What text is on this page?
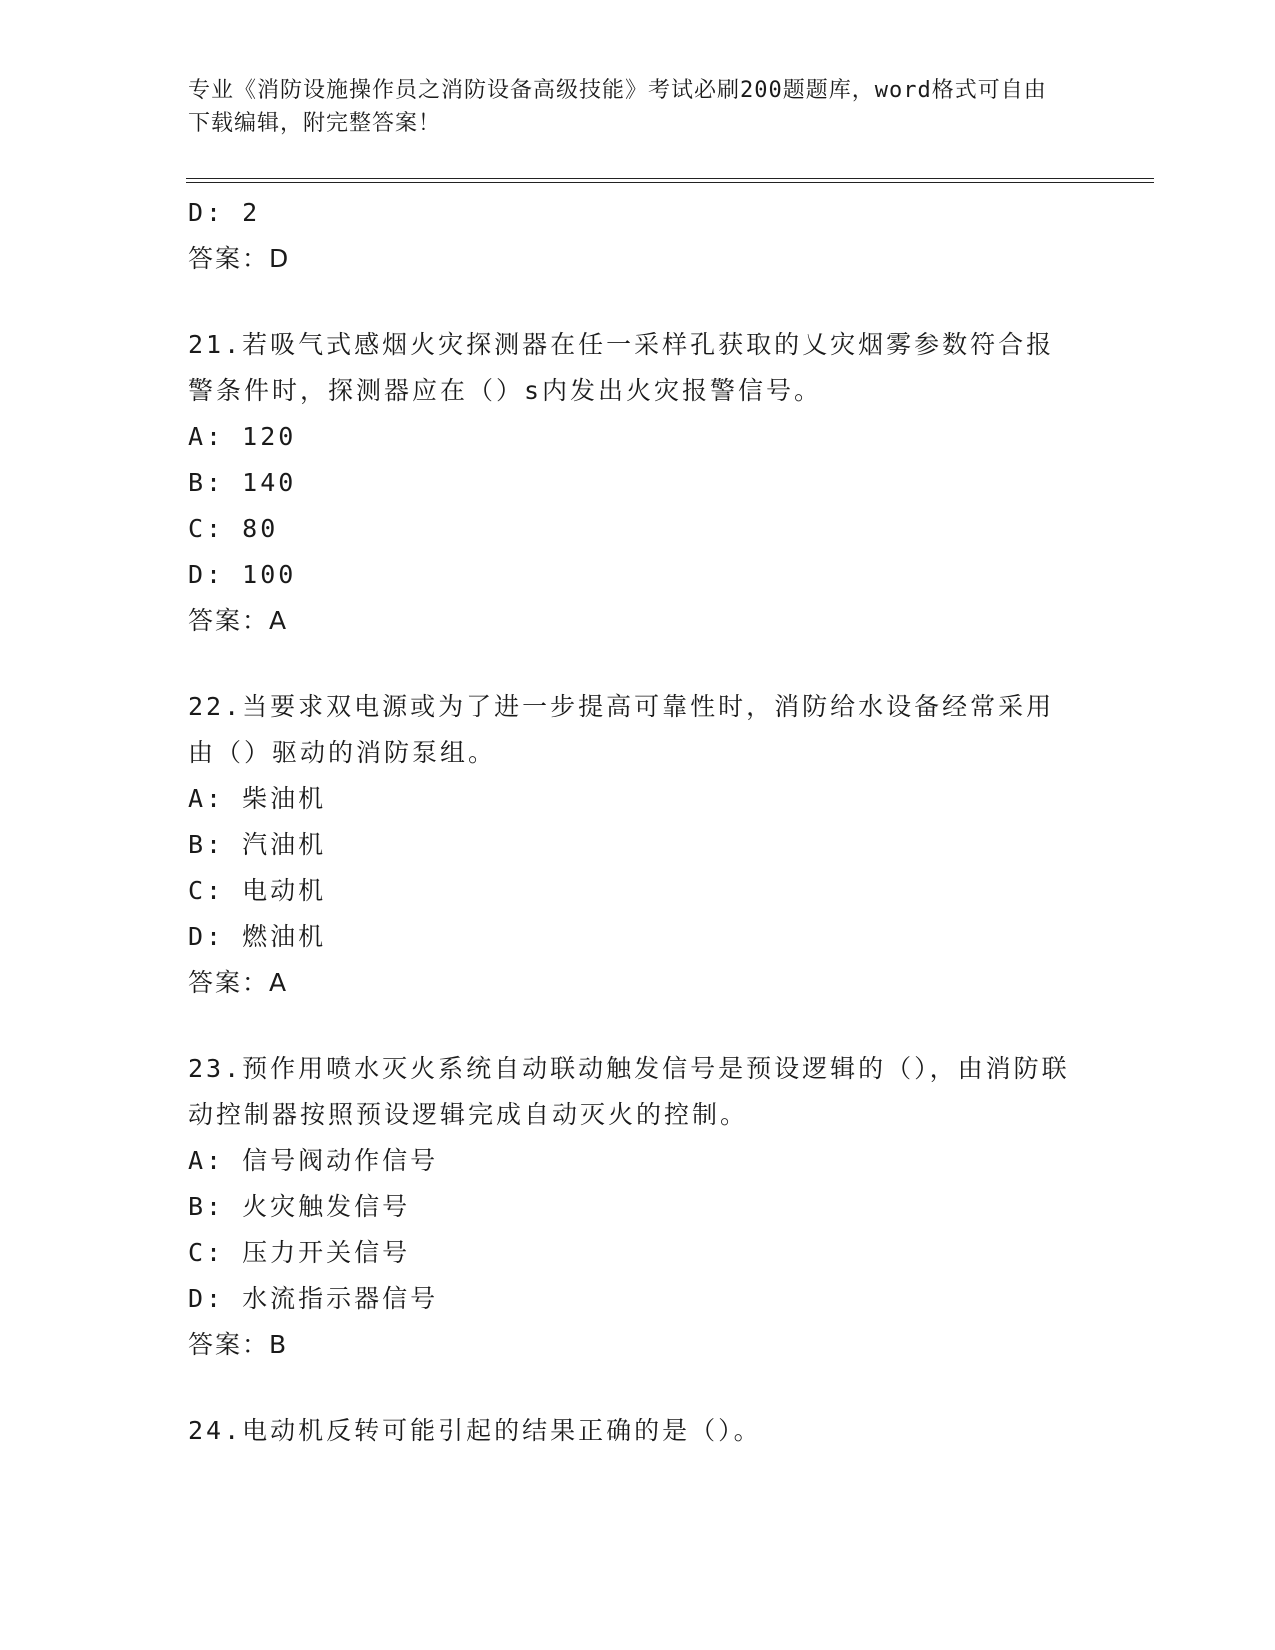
专业《消防设施操作员之消防设备高级技能》考试必刷200题题库，word格式可自由下载编辑，附完整答案！
D: 2
答案：D
21.若吸气式感烟火灾探测器在任一采样孔获取的乂灾烟雾参数符合报警条件时，探测器应在（）s内发出火灾报警信号。
A: 120
B: 140
C: 80
D: 100
答案：A
22.当要求双电源或为了进一步提高可靠性时，消防给水设备经常采用由（）驱动的消防泵组。
A: 柴油机
B: 汽油机
C: 电动机
D: 燃油机
答案：A
23.预作用喷水灭火系统自动联动触发信号是预设逻辑的（），由消防联动控制器按照预设逻辑完成自动灭火的控制。
A: 信号阀动作信号
B: 火灾触发信号
C: 压力开关信号
D: 水流指示器信号
答案：B
24.电动机反转可能引起的结果正确的是（）。
